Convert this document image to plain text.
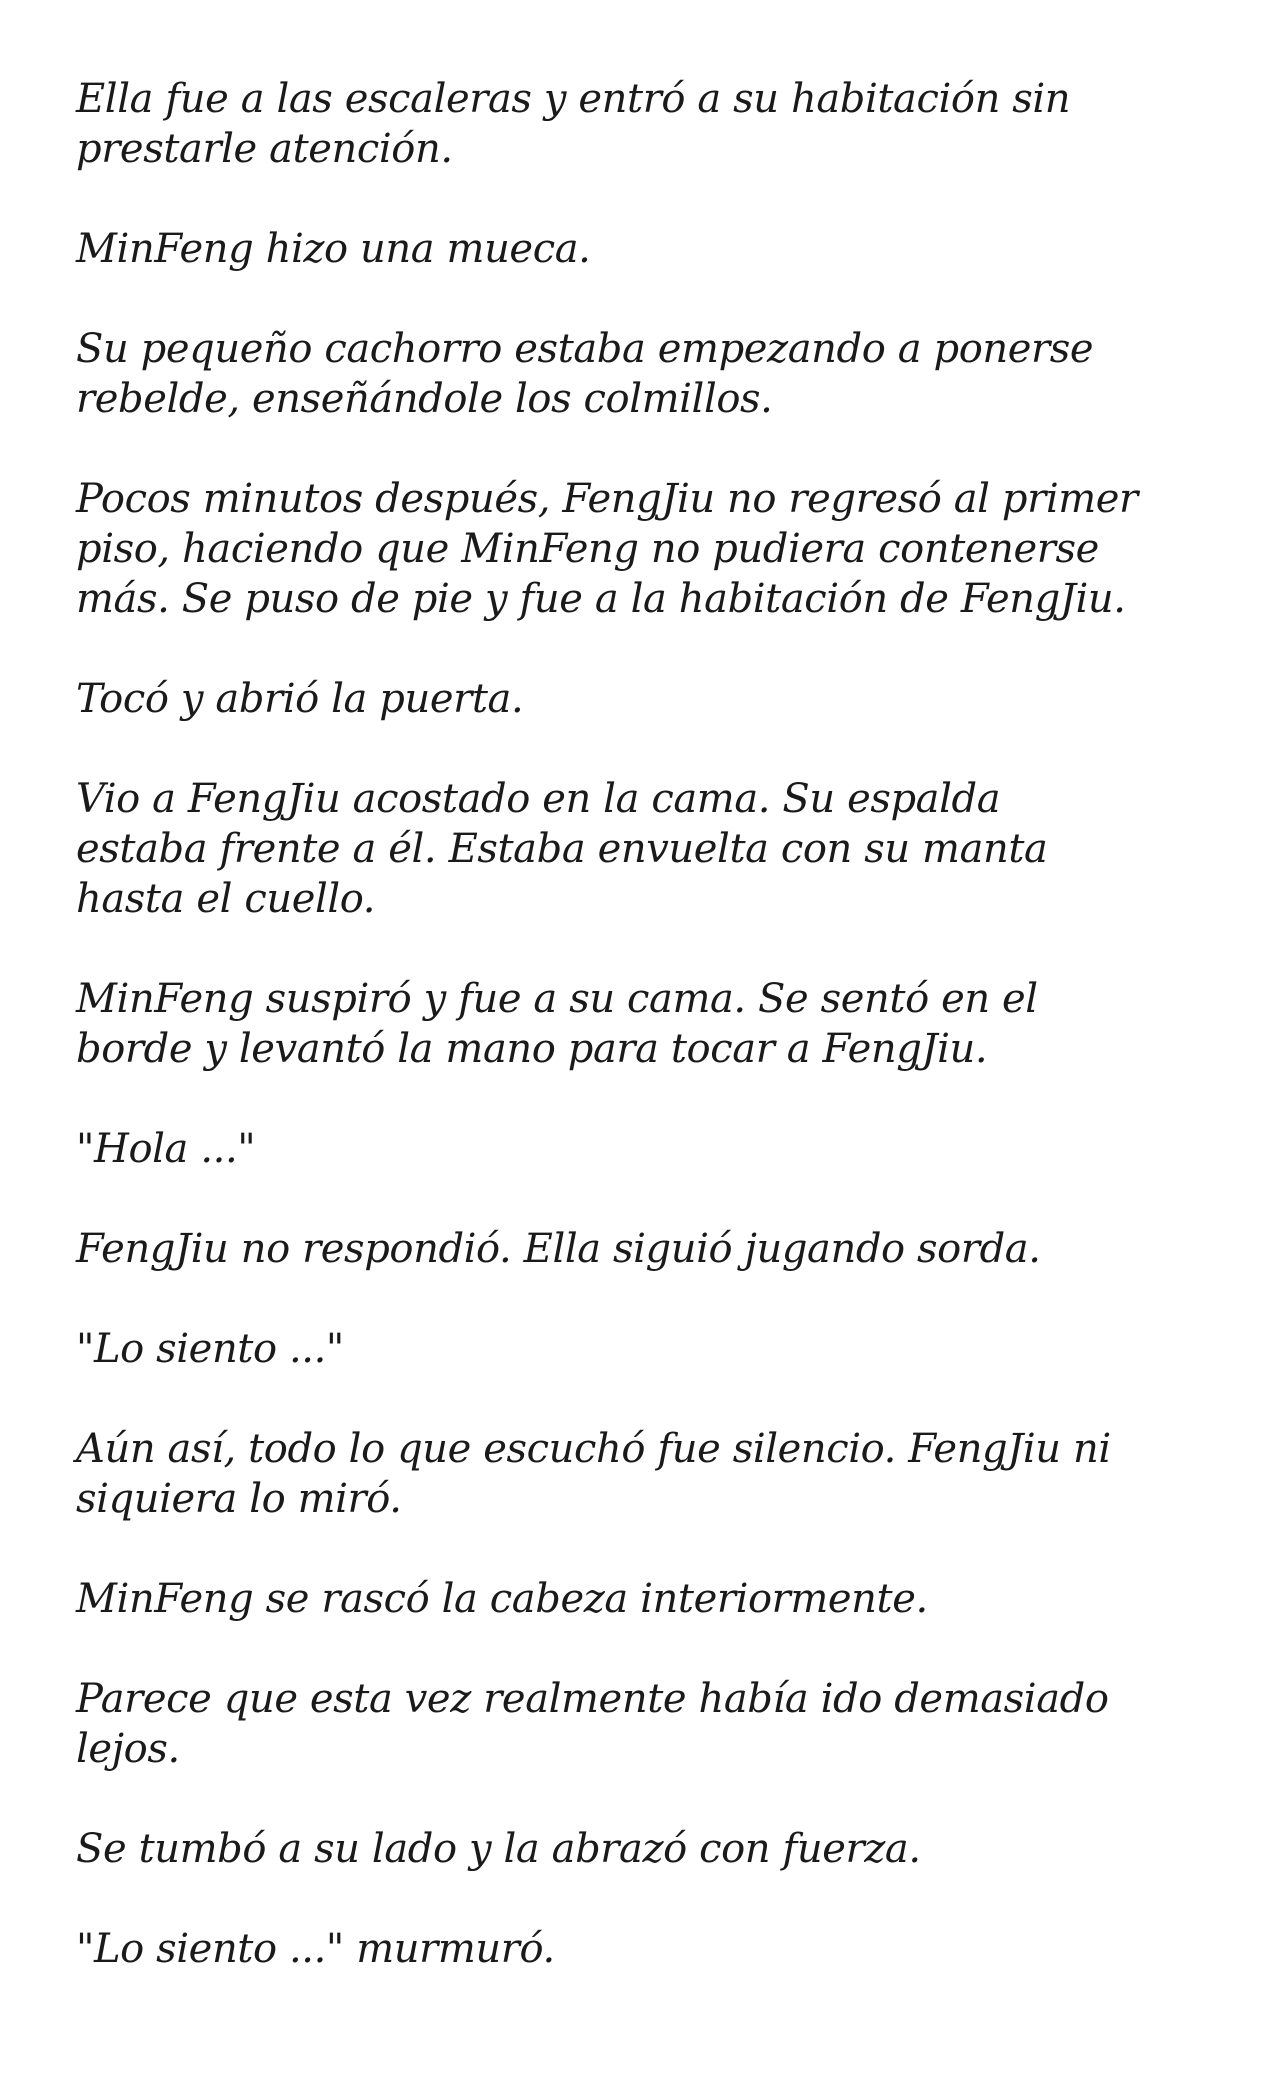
Ella fue a las escaleras y entró a su habitación sin
prestarle atención.

MinFeng hizo una mueca.

Su pequeño cachorro estaba empezando a ponerse
rebelde, enseñándole los colmillos.

Pocos minutos después, FengJiu no regresó al primer
piso, haciendo que MinFeng no pudiera contenerse
más. Se puso de pie y fue a la habitación de FengJiu.

Tocó y abrió la puerta.

Vio a FengJiu acostado en la cama. Su espalda
estaba frente a él. Estaba envuelta con su manta
hasta el cuello.

MinFeng suspiró y fue a su cama. Se sentó en el
borde y levantó la mano para tocar a FengJiu.

"Hola ..."

FengJiu no respondió. Ella siguió jugando sorda.

"Lo siento ..."

Aún así, todo lo que escuchó fue silencio. FengJiu ni
siquiera lo miró.

MinFeng se rascó la cabeza interiormente.

Parece que esta vez realmente había ido demasiado
lejos.

Se tumbó a su lado y la abrazó con fuerza.

"Lo siento ..." murmuró.
